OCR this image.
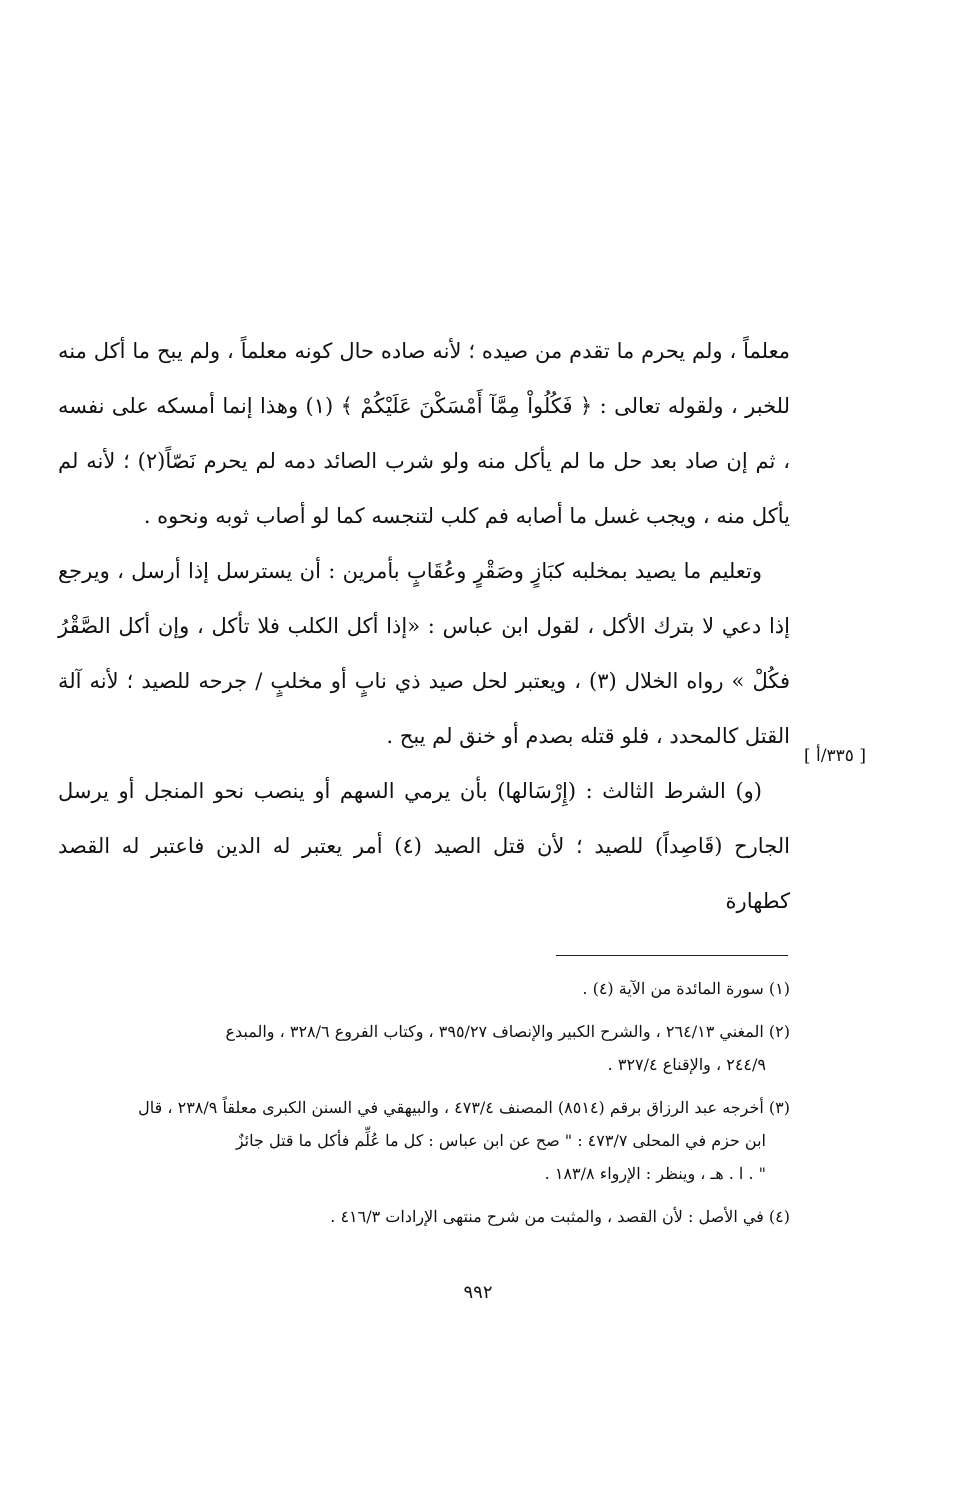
معلماً ، ولم يحرم ما تقدم من صيده ؛ لأنه صاده حال كونه معلماً ، ولم يبح ما أكل منه للخبر ، ولقوله تعالى : ﴿ فَكُلُواْ مِمَّآ أَمْسَكْنَ عَلَيْكُمْ ﴾ (١) وهذا إنما أمسكه على نفسه ، ثم إن صاد بعد حل ما لم يأكل منه ولو شرب الصائد دمه لم يحرم نَصّاً(٢) ؛ لأنه لم يأكل منه ، ويجب غسل ما أصابه فم كلب لتنجسه كما لو أصاب ثوبه ونحوه .

وتعليم ما يصيد بمخلبه كبَازٍ وصَقْرٍ وعُقَابٍ بأمرين : أن يسترسل إذا أرسل ، ويرجع إذا دعي لا بترك الأكل ، لقول ابن عباس : «إذا أكل الكلب فلا تأكل ، وإن أكل الصَّقْرُ فكُلْ » رواه الخلال (٣) ، ويعتبر لحل صيد ذي نابٍ أو مخلبٍ / جرحه للصيد ؛ لأنه آلة القتل كالمحدد ، فلو قتله بصدم أو خنق لم يبح .

(و) الشرط الثالث : (إِرْسَالها) بأن يرمي السهم أو ينصب نحو المنجل أو يرسل الجارح (قَاصِداً) للصيد ؛ لأن قتل الصيد (٤) أمر يعتبر له الدين فاعتبر له القصد كطهارة

[ ٣٣٥/أ ]
(١) سورة المائدة من الآية (٤) .
(٢) المغني ٢٦٤/١٣ ، والشرح الكبير والإنصاف ٣٩٥/٢٧ ، وكتاب الفروع ٣٢٨/٦ ، والمبدع
٢٤٤/٩ ، والإقناع ٣٢٧/٤ .
(٣) أخرجه عبد الرزاق برقم (٨٥١٤) المصنف ٤٧٣/٤ ، والبيهقي في السنن الكبرى معلقاً ٢٣٨/٩ ، قال
ابن حزم في المحلى ٤٧٣/٧ : " صح عن ابن عباس : كل ما عُلِّم فأكل ما قتل جائزٌ
" . ا . هـ ، وينظر : الإرواء ١٨٣/٨ .
(٤) في الأصل : لأن القصد ، والمثبت من شرح منتهى الإرادات ٤١٦/٣ .
٩٩٢
